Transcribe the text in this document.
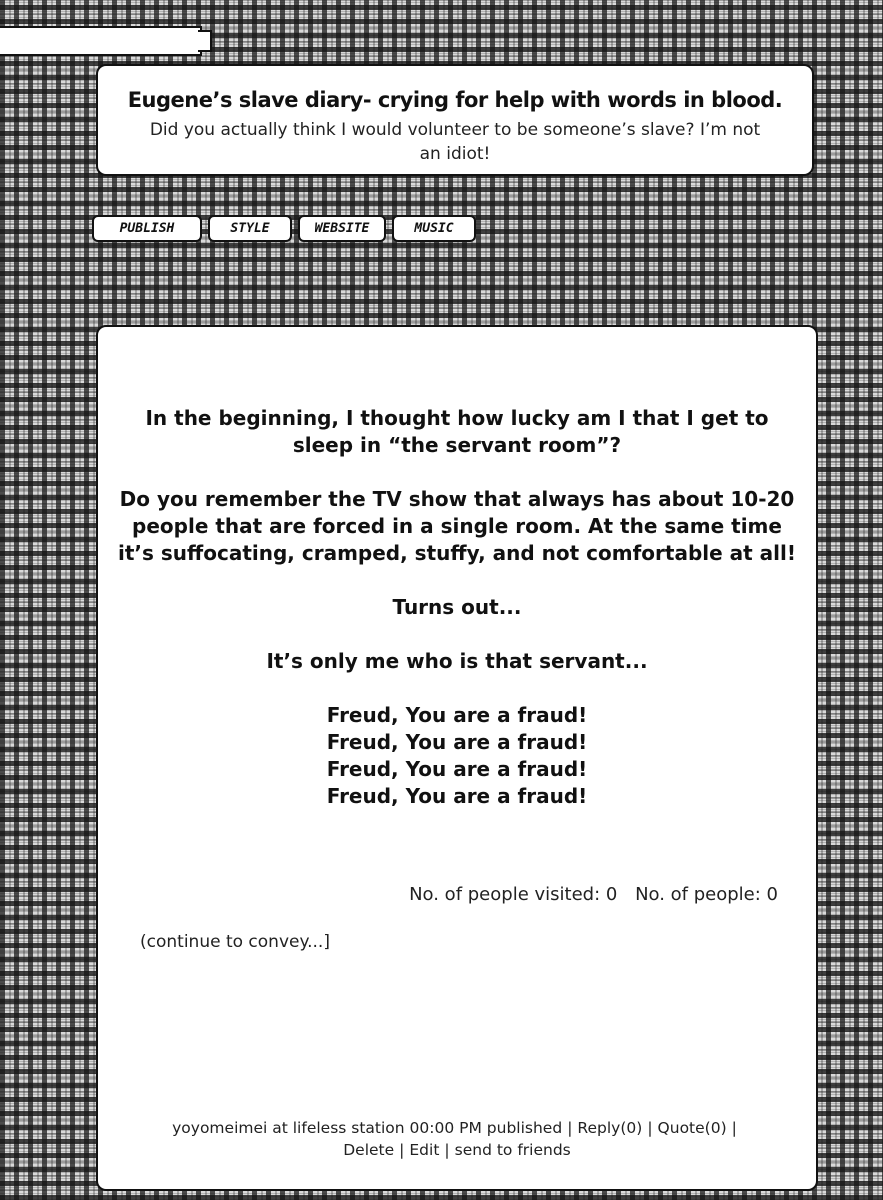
Eugene’s slave diary- crying for help with words in blood.
Did you actually think I would volunteer to be someone’s slave? I’m not an idiot!
PUBLISH	STYLE	WEBSITE	MUSIC

In the beginning, I thought how lucky am I that I get to sleep in “the servant room”?

Do you remember the TV show that always has about 10-20 people that are forced in a single room. At the same time it’s suffocating, cramped, stuffy, and not comfortable at all!

Turns out...

It’s only me who is that servant...

Freud, You are a fraud!

Freud, You are a fraud!

Freud, You are a fraud!

Freud, You are a fraud!

No. of people visited: 0 No. of people: 0
(continue to convey...]
yoyomeimei at lifeless station 00:00 PM published | Reply(0) | Quote(0) |
Delete | Edit | send to friends
